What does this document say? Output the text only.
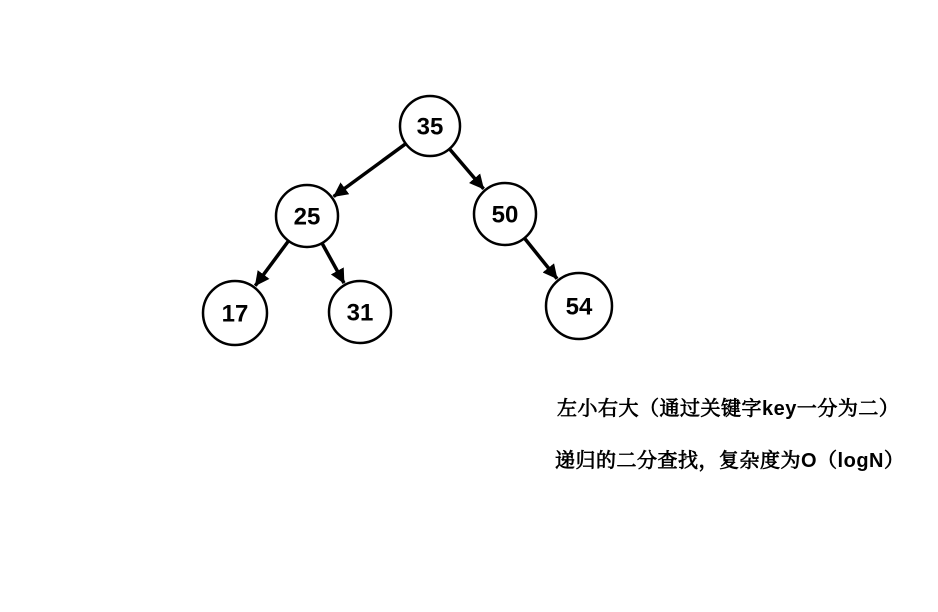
35
25	50
17	31	54
左小右大（通过关键字key一分为二）
递归的二分查找，复杂度为O（logN）
